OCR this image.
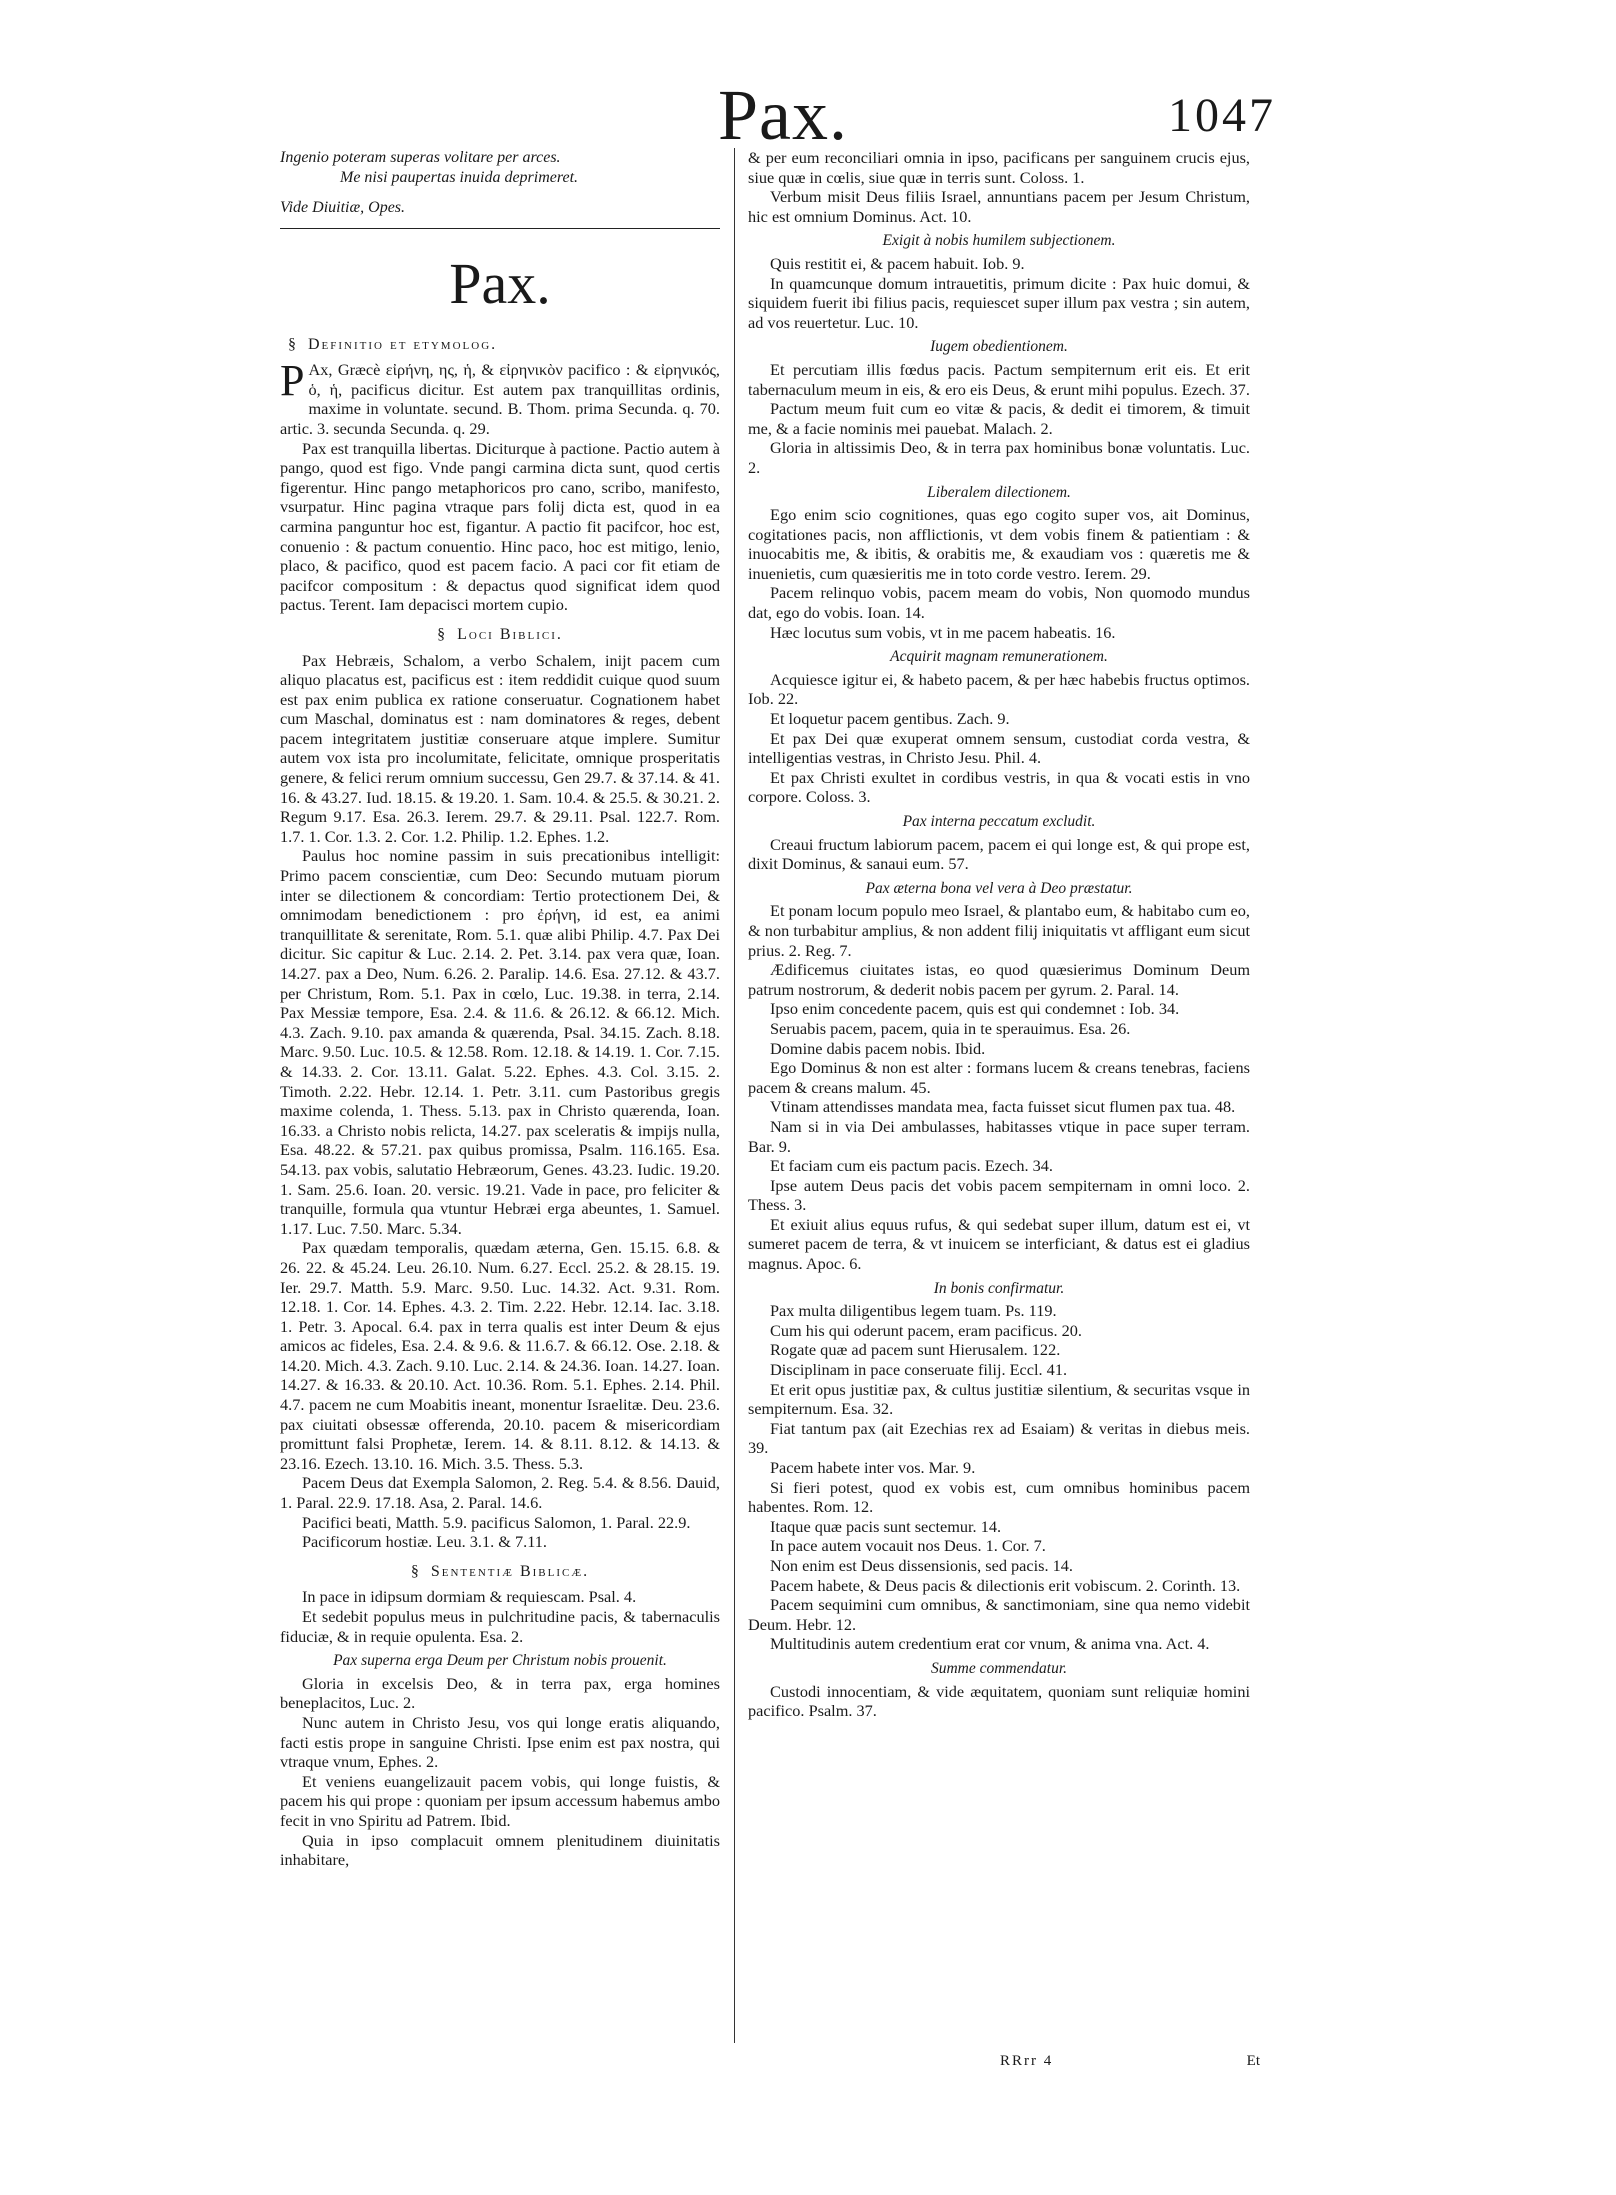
Pax.	1047

Ingenio poteram superas volitare per arces.

Me nisi paupertas inuida deprimeret.

Vide Diuitiæ, Opes.

Pax.
§ Definitio et etymolog.

P Ax, Græcè εἰρήνη, ης, ἡ, & εἰρηνικὸν pacifico : & εἰρηνικός, ὁ, ἡ, pacificus dicitur. Est autem pax tranquillitas ordinis, maxime in voluntate. secund. B. Thom. prima Secunda. q. 70. artic. 3. secunda Secunda. q. 29.

Pax est tranquilla libertas. Diciturque à pactione. Pactio autem à pango, quod est figo. Vnde pangi carmina dicta sunt, quod certis figerentur. Hinc pango metaphoricos pro cano, scribo, manifesto, vsurpatur. Hinc pagina vtraque pars folij dicta est, quod in ea carmina panguntur hoc est, figantur. A pactio fit pacifcor, hoc est, conuenio : & pactum conuentio. Hinc paco, hoc est mitigo, lenio, placo, & pacifico, quod est pacem facio. A paci cor fit etiam de pacifcor compositum : & depactus quod significat idem quod pactus. Terent. Iam depacisci mortem cupio.

§ Loci Biblici.

Pax Hebræis, Schalom, a verbo Schalem, inijt pacem cum aliquo placatus est, pacificus est : item reddidit cuique quod suum est pax enim publica ex ratione conseruatur. Cognationem habet cum Maschal, dominatus est : nam dominatores & reges, debent pacem integritatem justitiæ conseruare atque implere. Sumitur autem vox ista pro incolumitate, felicitate, omnique prosperitatis genere, & felici rerum omnium successu, Gen 29.7. & 37.14. & 41. 16. & 43.27. Iud. 18.15. & 19.20. 1. Sam. 10.4. & 25.5. & 30.21. 2. Regum 9.17. Esa. 26.3. Ierem. 29.7. & 29.11. Psal. 122.7. Rom. 1.7. 1. Cor. 1.3. 2. Cor. 1.2. Philip. 1.2. Ephes. 1.2.

Paulus hoc nomine passim in suis precationibus intelligit: Primo pacem conscientiæ, cum Deo: Secundo mutuam piorum inter se dilectionem & concordiam: Tertio protectionem Dei, & omnimodam benedictionem : pro ἐρήνη, id est, ea animi tranquillitate & serenitate, Rom. 5.1. quæ alibi Philip. 4.7. Pax Dei dicitur. Sic capitur & Luc. 2.14. 2. Pet. 3.14. pax vera quæ, Ioan. 14.27. pax a Deo, Num. 6.26. 2. Paralip. 14.6. Esa. 27.12. & 43.7. per Christum, Rom. 5.1. Pax in cœlo, Luc. 19.38. in terra, 2.14. Pax Messiæ tempore, Esa. 2.4. & 11.6. & 26.12. & 66.12. Mich. 4.3. Zach. 9.10. pax amanda & quærenda, Psal. 34.15. Zach. 8.18. Marc. 9.50. Luc. 10.5. & 12.58. Rom. 12.18. & 14.19. 1. Cor. 7.15. & 14.33. 2. Cor. 13.11. Galat. 5.22. Ephes. 4.3. Col. 3.15. 2. Timoth. 2.22. Hebr. 12.14. 1. Petr. 3.11. cum Pastoribus gregis maxime colenda, 1. Thess. 5.13. pax in Christo quærenda, Ioan. 16.33. a Christo nobis relicta, 14.27. pax sceleratis & impijs nulla, Esa. 48.22. & 57.21. pax quibus promissa, Psalm. 116.165. Esa. 54.13. pax vobis, salutatio Hebræorum, Genes. 43.23. Iudic. 19.20. 1. Sam. 25.6. Ioan. 20. versic. 19.21. Vade in pace, pro feliciter & tranquille, formula qua vtuntur Hebræi erga abeuntes, 1. Samuel. 1.17. Luc. 7.50. Marc. 5.34.

Pax quædam temporalis, quædam æterna, Gen. 15.15. 6.8. & 26. 22. & 45.24. Leu. 26.10. Num. 6.27. Eccl. 25.2. & 28.15. 19. Ier. 29.7. Matth. 5.9. Marc. 9.50. Luc. 14.32. Act. 9.31. Rom. 12.18. 1. Cor. 14. Ephes. 4.3. 2. Tim. 2.22. Hebr. 12.14. Iac. 3.18. 1. Petr. 3. Apocal. 6.4. pax in terra qualis est inter Deum & ejus amicos ac fideles, Esa. 2.4. & 9.6. & 11.6.7. & 66.12. Ose. 2.18. & 14.20. Mich. 4.3. Zach. 9.10. Luc. 2.14. & 24.36. Ioan. 14.27. Ioan. 14.27. & 16.33. & 20.10. Act. 10.36. Rom. 5.1. Ephes. 2.14. Phil. 4.7. pacem ne cum Moabitis ineant, monentur Israelitæ. Deu. 23.6. pax ciuitati obsessæ offerenda, 20.10. pacem & misericordiam promittunt falsi Prophetæ, Ierem. 14. & 8.11. 8.12. & 14.13. & 23.16. Ezech. 13.10. 16. Mich. 3.5. Thess. 5.3.

Pacem Deus dat Exempla Salomon, 2. Reg. 5.4. & 8.56. Dauid, 1. Paral. 22.9. 17.18. Asa, 2. Paral. 14.6.

Pacifici beati, Matth. 5.9. pacificus Salomon, 1. Paral. 22.9.

Pacificorum hostiæ. Leu. 3.1. & 7.11.

§ Sententiæ Biblicæ.

In pace in idipsum dormiam & requiescam. Psal. 4.

Et sedebit populus meus in pulchritudine pacis, & tabernaculis fiduciæ, & in requie opulenta. Esa. 2.

Pax superna erga Deum per Christum nobis prouenit.

Gloria in excelsis Deo, & in terra pax, erga homines beneplacitos, Luc. 2.

Nunc autem in Christo Jesu, vos qui longe eratis aliquando, facti estis prope in sanguine Christi. Ipse enim est pax nostra, qui vtraque vnum, Ephes. 2.

Et veniens euangelizauit pacem vobis, qui longe fuistis, & pacem his qui prope : quoniam per ipsum accessum habemus ambo fecit in vno Spiritu ad Patrem. Ibid.

Quia in ipso complacuit omnem plenitudinem diuinitatis inhabitare,

& per eum reconciliari omnia in ipso, pacificans per sanguinem crucis ejus, siue quæ in cœlis, siue quæ in terris sunt. Coloss. 1.

Verbum misit Deus filiis Israel, annuntians pacem per Jesum Christum, hic est omnium Dominus. Act. 10.

Exigit à nobis humilem subjectionem.

Quis restitit ei, & pacem habuit. Iob. 9.

In quamcunque domum intrauetitis, primum dicite : Pax huic domui, & siquidem fuerit ibi filius pacis, requiescet super illum pax vestra ; sin autem, ad vos reuertetur. Luc. 10.

Iugem obedientionem.

Et percutiam illis fœdus pacis. Pactum sempiternum erit eis. Et erit tabernaculum meum in eis, & ero eis Deus, & erunt mihi populus. Ezech. 37.

Pactum meum fuit cum eo vitæ & pacis, & dedit ei timorem, & timuit me, & a facie nominis mei pauebat. Malach. 2.

Gloria in altissimis Deo, & in terra pax hominibus bonæ voluntatis. Luc. 2.

Liberalem dilectionem.

Ego enim scio cognitiones, quas ego cogito super vos, ait Dominus, cogitationes pacis, non afflictionis, vt dem vobis finem & patientiam : & inuocabitis me, & ibitis, & orabitis me, & exaudiam vos : quæretis me & inuenietis, cum quæsieritis me in toto corde vestro. Ierem. 29.

Pacem relinquo vobis, pacem meam do vobis, Non quomodo mundus dat, ego do vobis. Ioan. 14.

Hæc locutus sum vobis, vt in me pacem habeatis. 16.

Acquirit magnam remunerationem.

Acquiesce igitur ei, & habeto pacem, & per hæc habebis fructus optimos. Iob. 22.

Et loquetur pacem gentibus. Zach. 9.

Et pax Dei quæ exuperat omnem sensum, custodiat corda vestra, & intelligentias vestras, in Christo Jesu. Phil. 4.

Et pax Christi exultet in cordibus vestris, in qua & vocati estis in vno corpore. Coloss. 3.

Pax interna peccatum excludit.

Creaui fructum labiorum pacem, pacem ei qui longe est, & qui prope est, dixit Dominus, & sanaui eum. 57.

Pax æterna bona vel vera à Deo præstatur.

Et ponam locum populo meo Israel, & plantabo eum, & habitabo cum eo, & non turbabitur amplius, & non addent filij iniquitatis vt affligant eum sicut prius. 2. Reg. 7.

Ædificemus ciuitates istas, eo quod quæsierimus Dominum Deum patrum nostrorum, & dederit nobis pacem per gyrum. 2. Paral. 14.

Ipso enim concedente pacem, quis est qui condemnet : Iob. 34.

Seruabis pacem, pacem, quia in te sperauimus. Esa. 26.

Domine dabis pacem nobis. Ibid.

Ego Dominus & non est alter : formans lucem & creans tenebras, faciens pacem & creans malum. 45.

Vtinam attendisses mandata mea, facta fuisset sicut flumen pax tua. 48.

Nam si in via Dei ambulasses, habitasses vtique in pace super terram. Bar. 9.

Et faciam cum eis pactum pacis. Ezech. 34.

Ipse autem Deus pacis det vobis pacem sempiternam in omni loco. 2. Thess. 3.

Et exiuit alius equus rufus, & qui sedebat super illum, datum est ei, vt sumeret pacem de terra, & vt inuicem se interficiant, & datus est ei gladius magnus. Apoc. 6.

In bonis confirmatur.

Pax multa diligentibus legem tuam. Ps. 119.

Cum his qui oderunt pacem, eram pacificus. 20.

Rogate quæ ad pacem sunt Hierusalem. 122.

Disciplinam in pace conseruate filij. Eccl. 41.

Et erit opus justitiæ pax, & cultus justitiæ silentium, & securitas vsque in sempiternum. Esa. 32.

Fiat tantum pax (ait Ezechias rex ad Esaiam) & veritas in diebus meis. 39.

Pacem habete inter vos. Mar. 9.

Si fieri potest, quod ex vobis est, cum omnibus hominibus pacem habentes. Rom. 12.

Itaque quæ pacis sunt sectemur. 14.

In pace autem vocauit nos Deus. 1. Cor. 7.

Non enim est Deus dissensionis, sed pacis. 14.

Pacem habete, & Deus pacis & dilectionis erit vobiscum. 2. Corinth. 13.

Pacem sequimini cum omnibus, & sanctimoniam, sine qua nemo videbit Deum. Hebr. 12.

Multitudinis autem credentium erat cor vnum, & anima vna. Act. 4.

Summe commendatur.

Custodi innocentiam, & vide æquitatem, quoniam sunt reliquiæ homini pacifico. Psalm. 37.

RRrr 4	Et
